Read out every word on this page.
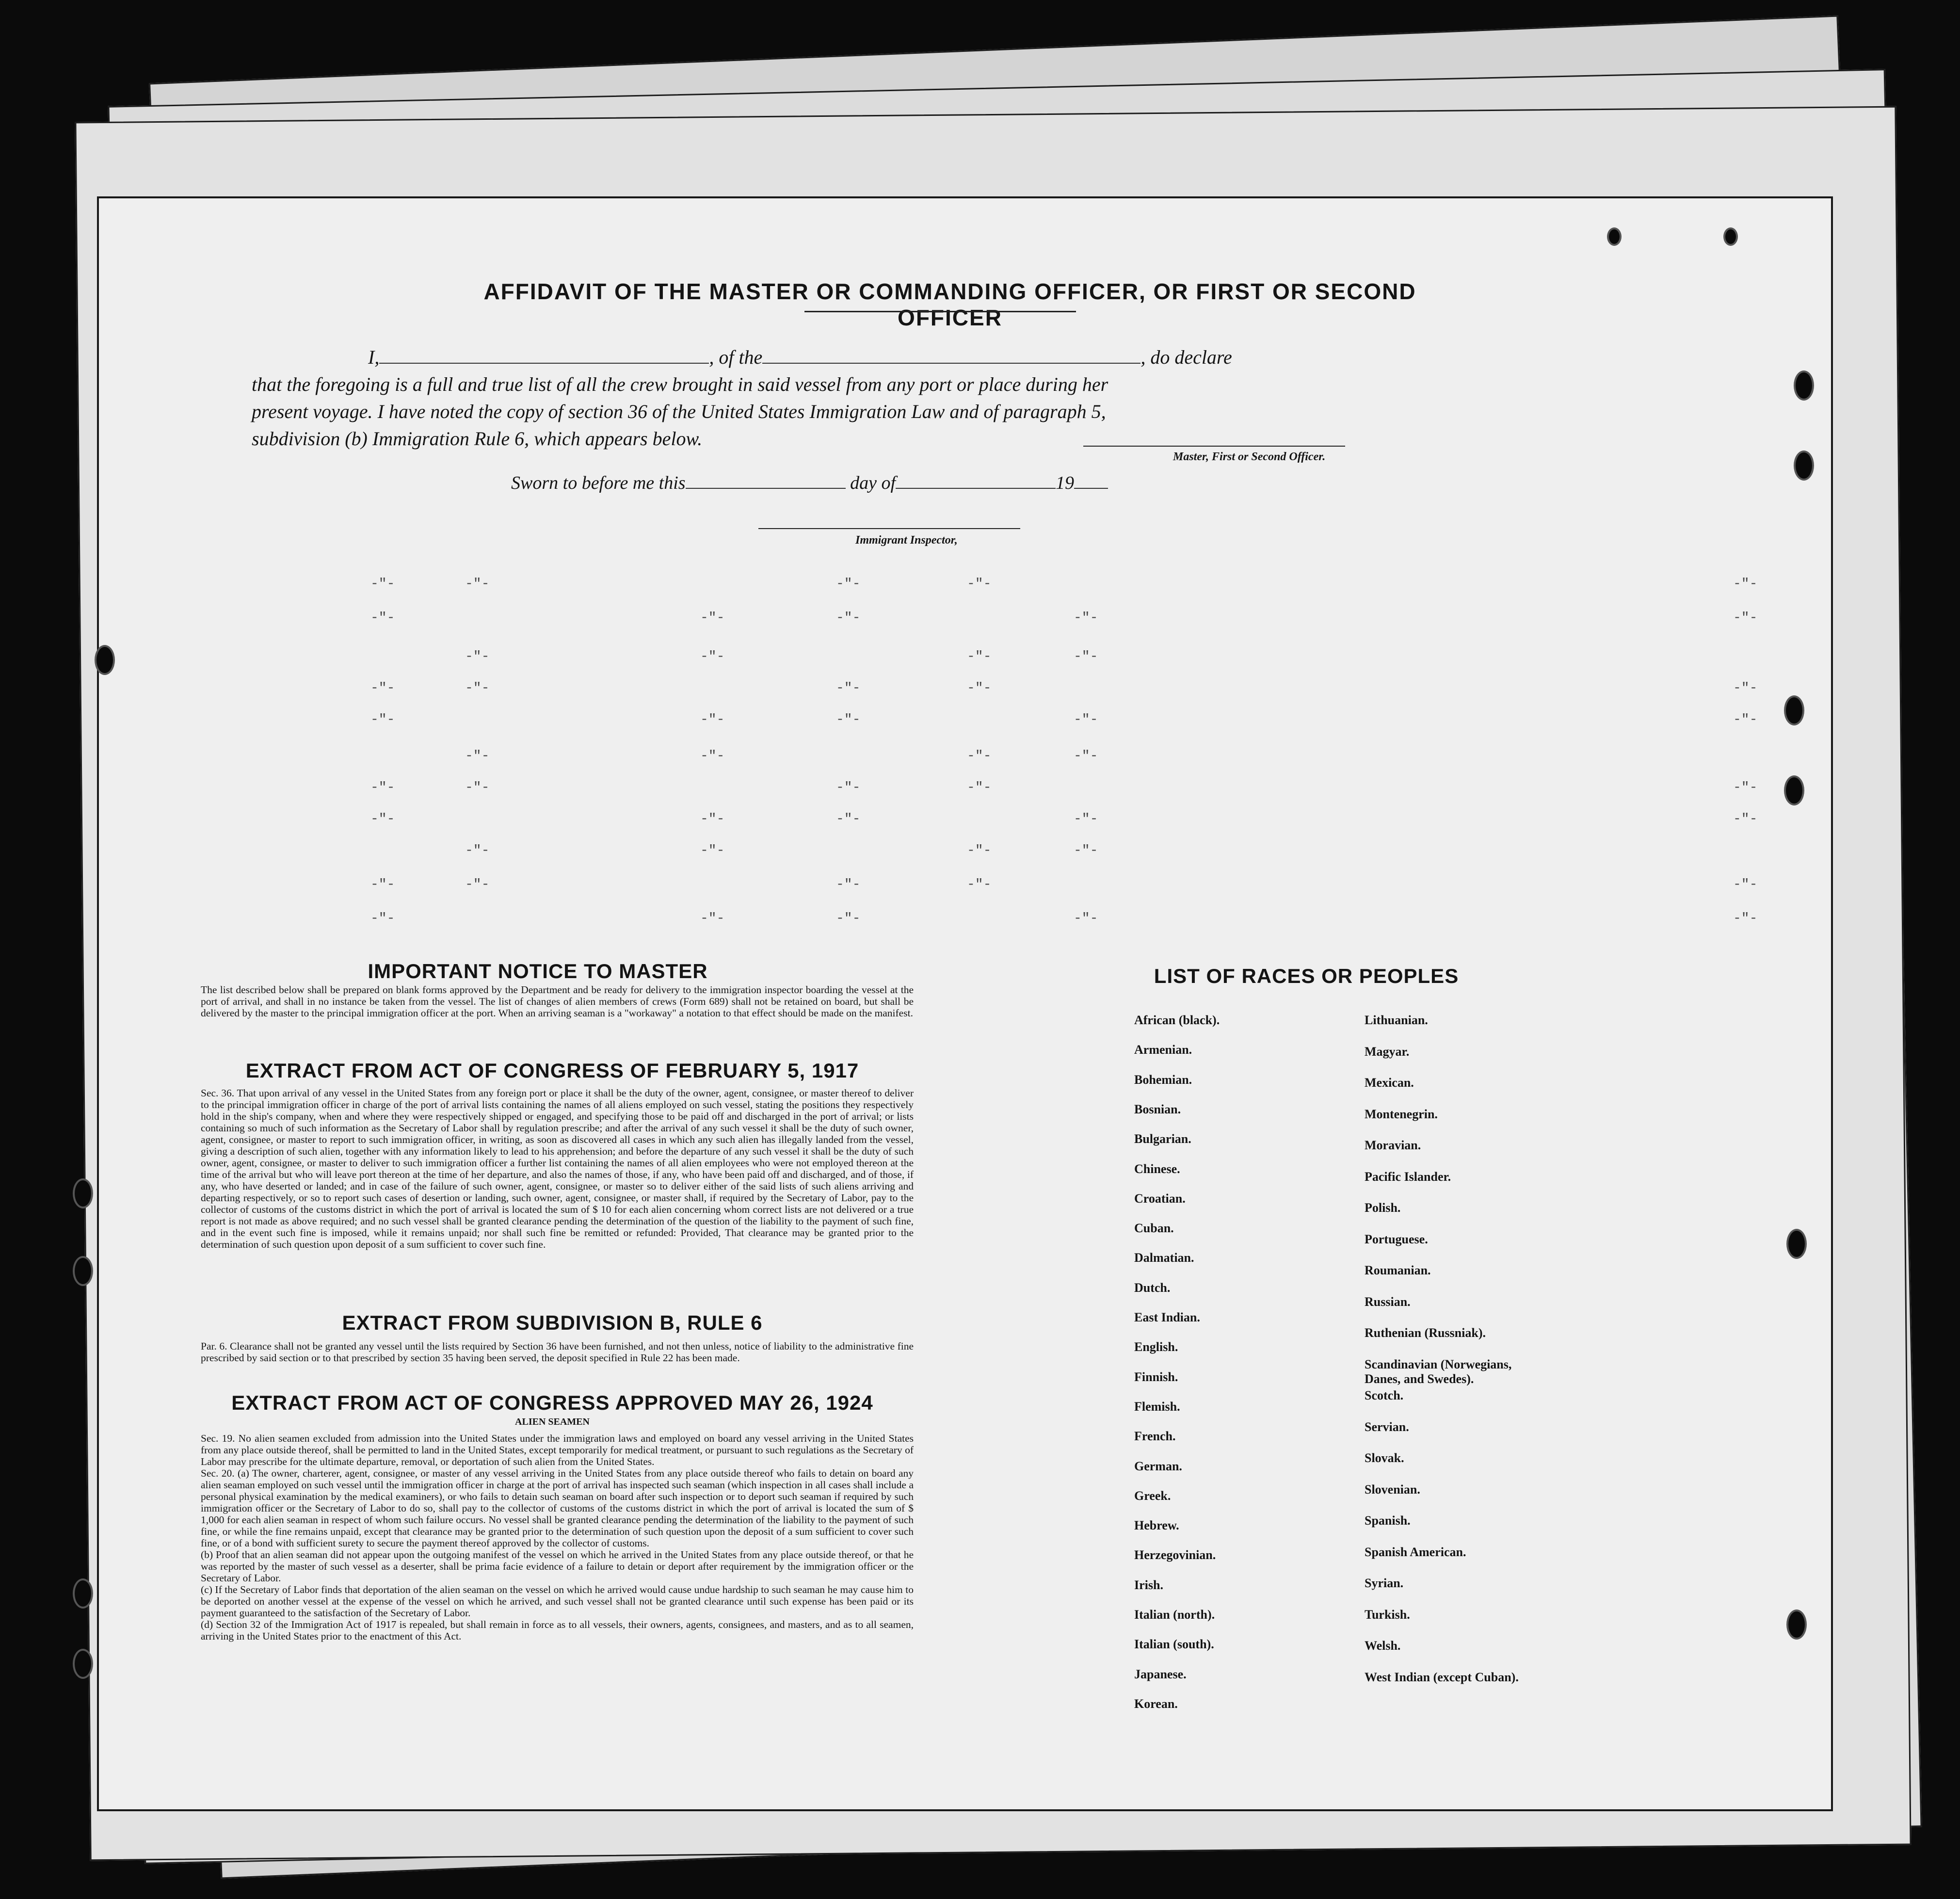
AFFIDAVIT OF THE MASTER OR COMMANDING OFFICER, OR FIRST OR SECOND OFFICER
I,	, of the	, do declare
that the foregoing is a full and true list of all the crew brought in said vessel from any port or place during her
present voyage. I have noted the copy of section 36 of the United States Immigration Law and of paragraph 5,
subdivision (b) Immigration Rule 6, which appears below.
Master, First or Second Officer.
Sworn to before me this	day of	19
Immigrant Inspector,
-"-	-"-	-"-	-"-	-"-
-"-	-"-	-"-	-"-	-"-
-"-	-"-	-"-	-"-
-"-	-"-	-"-	-"-	-"-
-"-	-"-	-"-	-"-	-"-
-"-	-"-	-"-	-"-
-"-	-"-	-"-	-"-	-"-
-"-	-"-	-"-	-"-	-"-
-"-	-"-	-"-	-"-
-"-	-"-	-"-	-"-	-"-
-"-	-"-	-"-	-"-	-"-
IMPORTANT NOTICE TO MASTER
The list described below shall be prepared on blank forms approved by the Department and be ready for delivery to the immigration inspector boarding the vessel at the port of arrival, and shall in no instance be taken from the vessel. The list of changes of alien members of crews (Form 689) shall not be retained on board, but shall be delivered by the master to the principal immigration officer at the port. When an arriving seaman is a "workaway" a notation to that effect should be made on the manifest.
EXTRACT FROM ACT OF CONGRESS OF FEBRUARY 5, 1917
Sec. 36. That upon arrival of any vessel in the United States from any foreign port or place it shall be the duty of the owner, agent, consignee, or master thereof to deliver to the principal immigration officer in charge of the port of arrival lists containing the names of all aliens employed on such vessel, stating the positions they respectively hold in the ship's company, when and where they were respectively shipped or engaged, and specifying those to be paid off and discharged in the port of arrival; or lists containing so much of such information as the Secretary of Labor shall by regulation prescribe; and after the arrival of any such vessel it shall be the duty of such owner, agent, consignee, or master to report to such immigration officer, in writing, as soon as discovered all cases in which any such alien has illegally landed from the vessel, giving a description of such alien, together with any information likely to lead to his apprehension; and before the departure of any such vessel it shall be the duty of such owner, agent, consignee, or master to deliver to such immigration officer a further list containing the names of all alien employees who were not employed thereon at the time of the arrival but who will leave port thereon at the time of her departure, and also the names of those, if any, who have been paid off and discharged, and of those, if any, who have deserted or landed; and in case of the failure of such owner, agent, consignee, or master so to deliver either of the said lists of such aliens arriving and departing respectively, or so to report such cases of desertion or landing, such owner, agent, consignee, or master shall, if required by the Secretary of Labor, pay to the collector of customs of the customs district in which the port of arrival is located the sum of $ 10 for each alien concerning whom correct lists are not delivered or a true report is not made as above required; and no such vessel shall be granted clearance pending the determination of the question of the liability to the payment of such fine, and in the event such fine is imposed, while it remains unpaid; nor shall such fine be remitted or refunded: Provided, That clearance may be granted prior to the determination of such question upon deposit of a sum sufficient to cover such fine.
EXTRACT FROM SUBDIVISION B, RULE 6
Par. 6. Clearance shall not be granted any vessel until the lists required by Section 36 have been furnished, and not then unless, notice of liability to the administrative fine prescribed by said section or to that prescribed by section 35 having been served, the deposit specified in Rule 22 has been made.
EXTRACT FROM ACT OF CONGRESS APPROVED MAY 26, 1924
ALIEN SEAMEN
Sec. 19. No alien seamen excluded from admission into the United States under the immigration laws and employed on board any vessel arriving in the United States from any place outside thereof, shall be permitted to land in the United States, except temporarily for medical treatment, or pursuant to such regulations as the Secretary of Labor may prescribe for the ultimate departure, removal, or deportation of such alien from the United States.
Sec. 20. (a) The owner, charterer, agent, consignee, or master of any vessel arriving in the United States from any place outside thereof who fails to detain on board any alien seaman employed on such vessel until the immigration officer in charge at the port of arrival has inspected such seaman (which inspection in all cases shall include a personal physical examination by the medical examiners), or who fails to detain such seaman on board after such inspection or to deport such seaman if required by such immigration officer or the Secretary of Labor to do so, shall pay to the collector of customs of the customs district in which the port of arrival is located the sum of $ 1,000 for each alien seaman in respect of whom such failure occurs. No vessel shall be granted clearance pending the determination of the liability to the payment of such fine, or while the fine remains unpaid, except that clearance may be granted prior to the determination of such question upon the deposit of a sum sufficient to cover such fine, or of a bond with sufficient surety to secure the payment thereof approved by the collector of customs.
(b) Proof that an alien seaman did not appear upon the outgoing manifest of the vessel on which he arrived in the United States from any place outside thereof, or that he was reported by the master of such vessel as a deserter, shall be prima facie evidence of a failure to detain or deport after requirement by the immigration officer or the Secretary of Labor.
(c) If the Secretary of Labor finds that deportation of the alien seaman on the vessel on which he arrived would cause undue hardship to such seaman he may cause him to be deported on another vessel at the expense of the vessel on which he arrived, and such vessel shall not be granted clearance until such expense has been paid or its payment guaranteed to the satisfaction of the Secretary of Labor.
(d) Section 32 of the Immigration Act of 1917 is repealed, but shall remain in force as to all vessels, their owners, agents, consignees, and masters, and as to all seamen, arriving in the United States prior to the enactment of this Act.
LIST OF RACES OR PEOPLES
African (black).
Armenian.
Bohemian.
Bosnian.
Bulgarian.
Chinese.
Croatian.
Cuban.
Dalmatian.
Dutch.
East Indian.
English.
Finnish.
Flemish.
French.
German.
Greek.
Hebrew.
Herzegovinian.
Irish.
Italian (north).
Italian (south).
Japanese.
Korean.
Lithuanian.
Magyar.
Mexican.
Montenegrin.
Moravian.
Pacific Islander.
Polish.
Portuguese.
Roumanian.
Russian.
Ruthenian (Russniak).
Scandinavian (Norwegians, Danes, and Swedes).
Scotch.
Servian.
Slovak.
Slovenian.
Spanish.
Spanish American.
Syrian.
Turkish.
Welsh.
West Indian (except Cuban).
